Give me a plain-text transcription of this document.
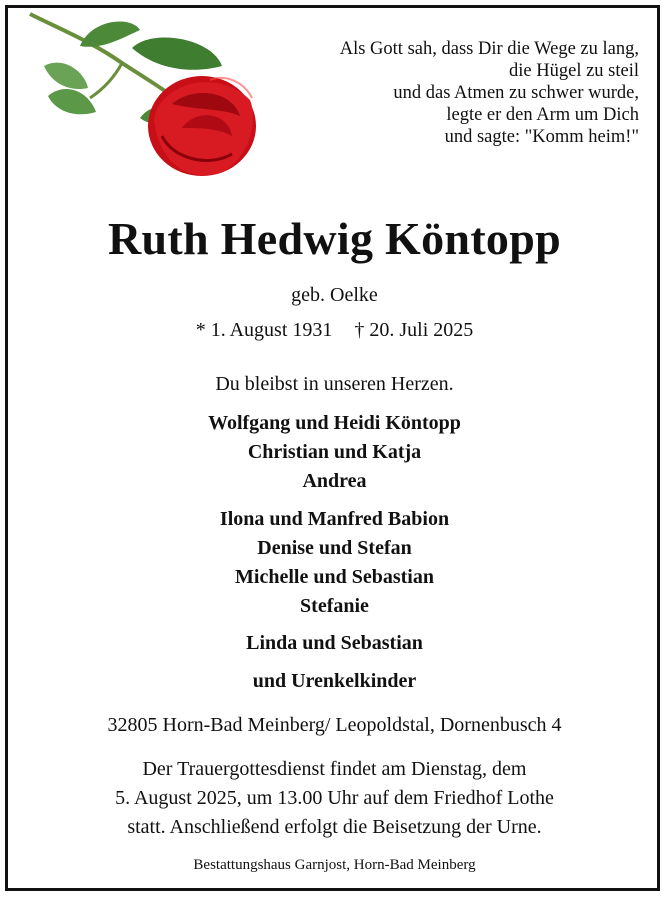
Als Gott sah, dass Dir die Wege zu lang,
die Hügel zu steil
und das Atmen zu schwer wurde,
legte er den Arm um Dich
und sagte: "Komm heim!"
Ruth Hedwig Köntopp
geb. Oelke
* 1. August 1931 † 20. Juli 2025
Du bleibst in unseren Herzen.
Wolfgang und Heidi Köntopp
Christian und Katja
Andrea
Ilona und Manfred Babion
Denise und Stefan
Michelle und Sebastian
Stefanie
Linda und Sebastian
und Urenkelkinder
32805 Horn-Bad Meinberg/ Leopoldstal, Dornenbusch 4
Der Trauergottesdienst findet am Dienstag, dem
5. August 2025, um 13.00 Uhr auf dem Friedhof Lothe
statt. Anschließend erfolgt die Beisetzung der Urne.
Bestattungshaus Garnjost, Horn-Bad Meinberg
